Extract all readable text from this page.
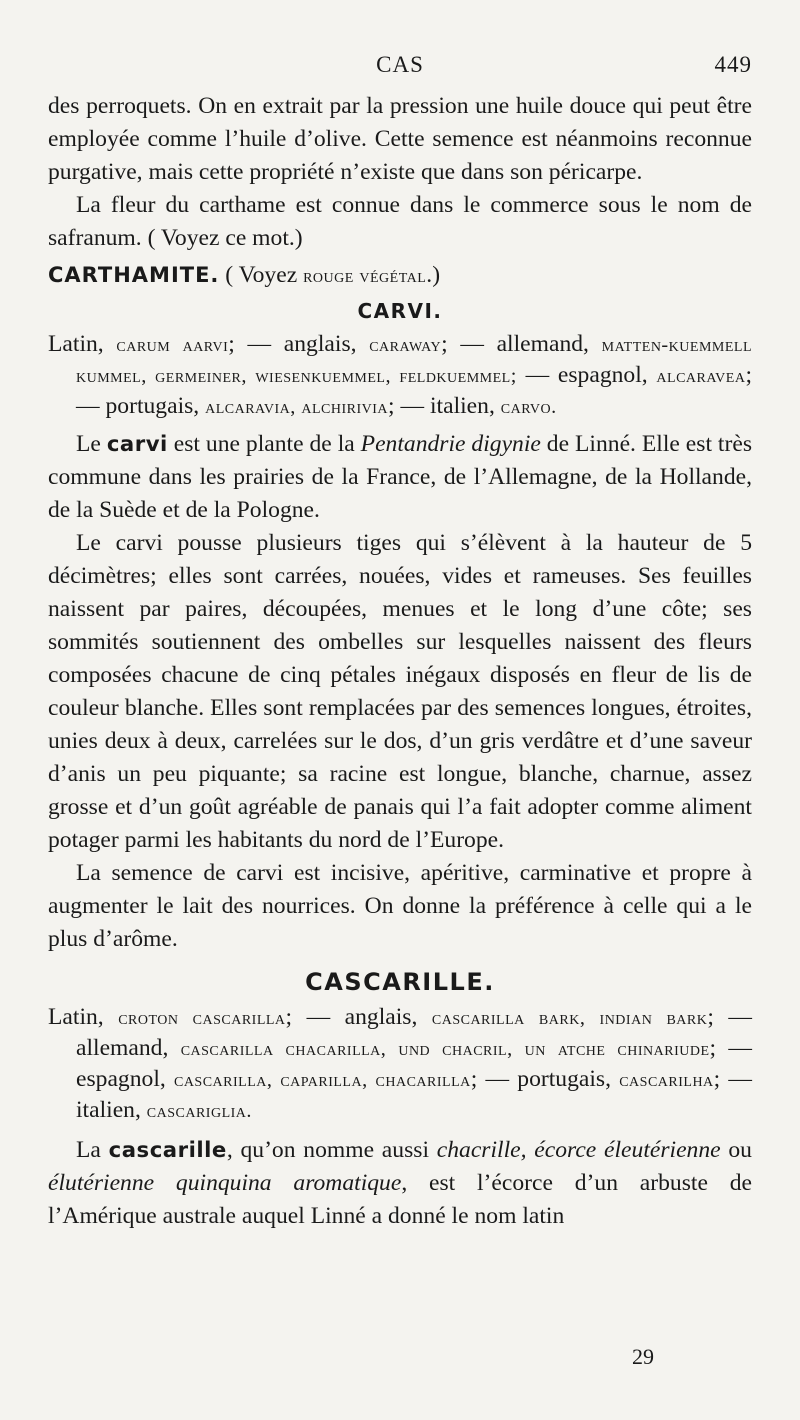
CAS	449

des perroquets. On en extrait par la pression une huile douce qui peut être employée comme l’huile d’olive. Cette semence est néanmoins reconnue purgative, mais cette propriété n’existe que dans son péricarpe.

La fleur du carthame est connue dans le commerce sous le nom de safranum. ( Voyez ce mot.)

CARTHAMITE. ( Voyez rouge végétal.)

CARVI.
Latin, carum aarvi; — anglais, caraway; — allemand, matten-kuemmell kummel, germeiner, wiesenkuemmel, feldkuemmel; — espagnol, alcaravea; — portugais, alcaravia, alchirivia; — italien, carvo.

Le carvi est une plante de la Pentandrie digynie de Linné. Elle est très commune dans les prairies de la France, de l’Allemagne, de la Hollande, de la Suède et de la Pologne.

Le carvi pousse plusieurs tiges qui s’élèvent à la hauteur de 5 décimètres; elles sont carrées, nouées, vides et rameuses. Ses feuilles naissent par paires, découpées, menues et le long d’une côte; ses sommités soutiennent des ombelles sur lesquelles naissent des fleurs composées chacune de cinq pétales inégaux disposés en fleur de lis de couleur blanche. Elles sont remplacées par des semences longues, étroites, unies deux à deux, carrelées sur le dos, d’un gris verdâtre et d’une saveur d’anis un peu piquante; sa racine est longue, blanche, charnue, assez grosse et d’un goût agréable de panais qui l’a fait adopter comme aliment potager parmi les habitants du nord de l’Europe.

La semence de carvi est incisive, apéritive, carminative et propre à augmenter le lait des nourrices. On donne la préférence à celle qui a le plus d’arôme.

CASCARILLE.
Latin, croton cascarilla; — anglais, cascarilla bark, indian bark; — allemand, cascarilla chacarilla, und chacril, un atche chinariude; — espagnol, cascarilla, caparilla, chacarilla; — portugais, cascarilha; — italien, cascariglia.

La cascarille, qu’on nomme aussi chacrille, écorce éleutérienne ou élutérienne quinquina aromatique, est l’écorce d’un arbuste de l’Amérique australe auquel Linné a donné le nom latin

29
